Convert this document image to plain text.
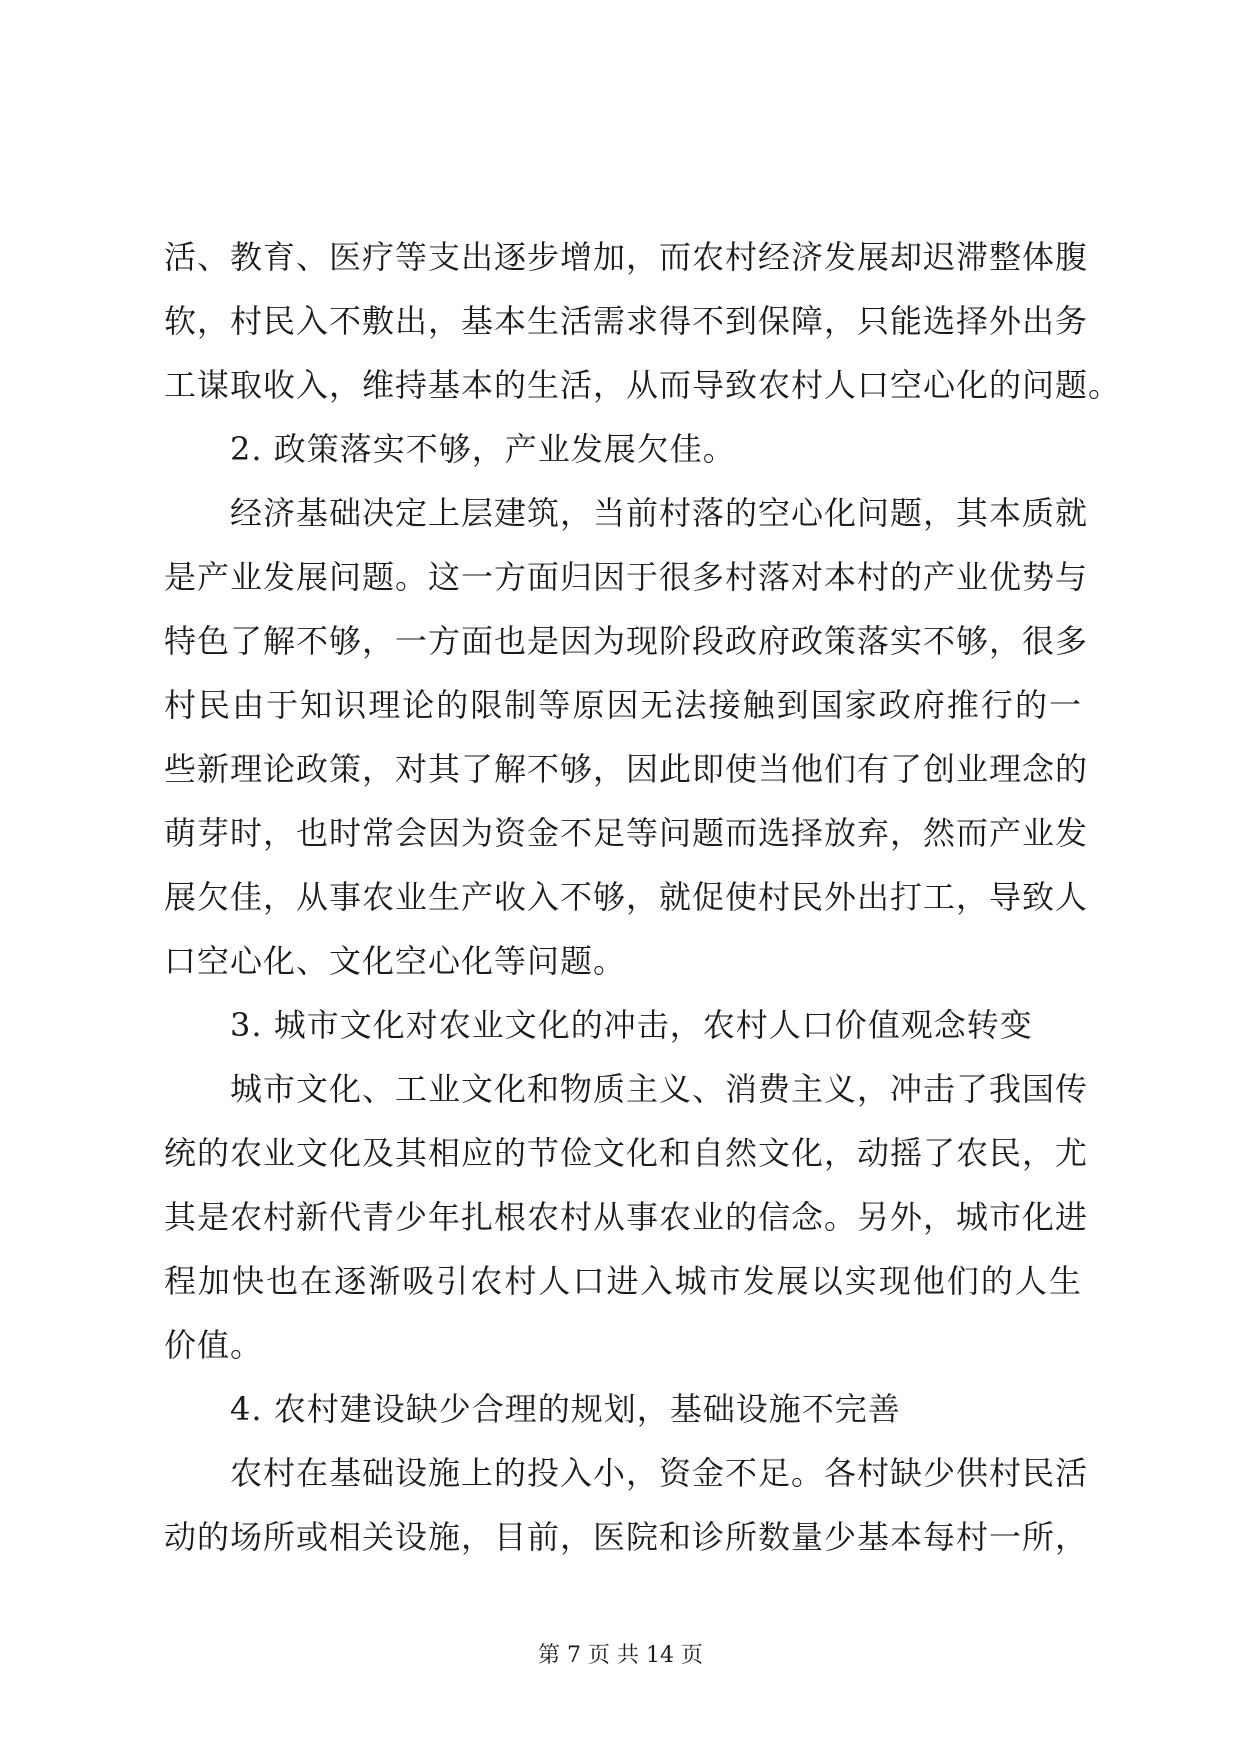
活、教育、医疗等支出逐步增加，而农村经济发展却迟滞整体腹
软，村民入不敷出，基本生活需求得不到保障，只能选择外出务
工谋取收入，维持基本的生活，从而导致农村人口空心化的问题。
2. 政策落实不够，产业发展欠佳。
经济基础决定上层建筑，当前村落的空心化问题，其本质就
是产业发展问题。这一方面归因于很多村落对本村的产业优势与
特色了解不够，一方面也是因为现阶段政府政策落实不够，很多
村民由于知识理论的限制等原因无法接触到国家政府推行的一
些新理论政策，对其了解不够，因此即使当他们有了创业理念的
萌芽时，也时常会因为资金不足等问题而选择放弃，然而产业发
展欠佳，从事农业生产收入不够，就促使村民外出打工，导致人
口空心化、文化空心化等问题。
3. 城市文化对农业文化的冲击，农村人口价值观念转变
城市文化、工业文化和物质主义、消费主义，冲击了我国传
统的农业文化及其相应的节俭文化和自然文化，动摇了农民，尤
其是农村新代青少年扎根农村从事农业的信念。另外，城市化进
程加快也在逐渐吸引农村人口进入城市发展以实现他们的人生
价值。
4. 农村建设缺少合理的规划，基础设施不完善
农村在基础设施上的投入小，资金不足。各村缺少供村民活
动的场所或相关设施，目前，医院和诊所数量少基本每村一所，
第 7 页 共 14 页
